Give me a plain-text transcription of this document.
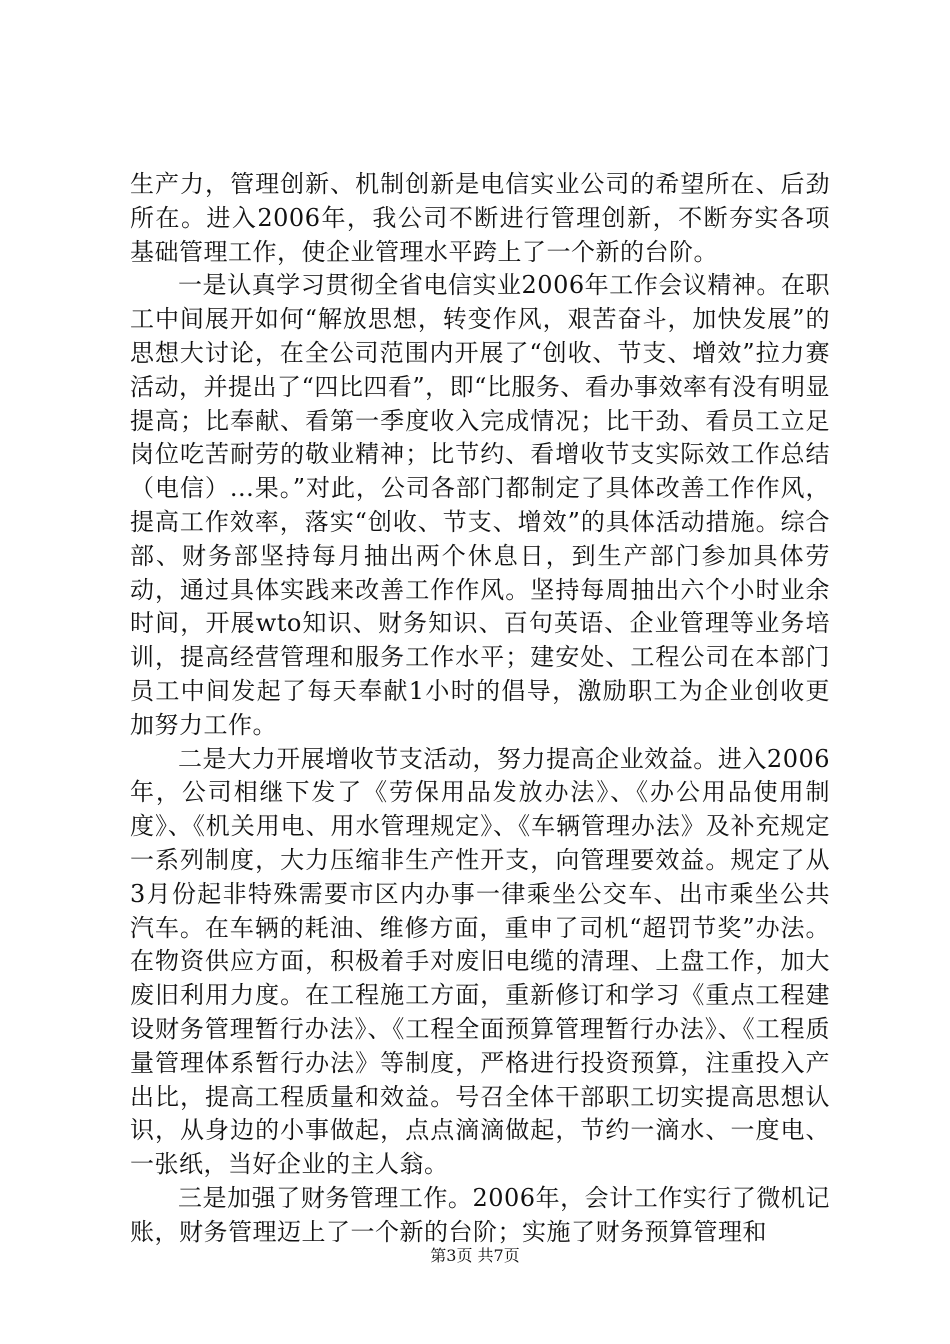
生产力，管理创新、机制创新是电信实业公司的希望所在、后劲所在。进入2006年，我公司不断进行管理创新，不断夯实各项基础管理工作，使企业管理水平跨上了一个新的台阶。

一是认真学习贯彻全省电信实业2006年工作会议精神。在职工中间展开如何“解放思想，转变作风，艰苦奋斗，加快发展”的思想大讨论，在全公司范围内开展了“创收、节支、增效”拉力赛活动，并提出了“四比四看”，即“比服务、看办事效率有没有明显提高；比奉献、看第一季度收入完成情况；比干劲、看员工立足岗位吃苦耐劳的敬业精神；比节约、看增收节支实际效工作总结（电信）...果。”对此，公司各部门都制定了具体改善工作作风，提高工作效率，落实“创收、节支、增效”的具体活动措施。综合部、财务部坚持每月抽出两个休息日，到生产部门参加具体劳动，通过具体实践来改善工作作风。坚持每周抽出六个小时业余时间，开展wto知识、财务知识、百句英语、企业管理等业务培训，提高经营管理和服务工作水平；建安处、工程公司在本部门员工中间发起了每天奉献1小时的倡导，激励职工为企业创收更加努力工作。

二是大力开展增收节支活动，努力提高企业效益。进入2006年，公司相继下发了《劳保用品发放办法》、《办公用品使用制度》、《机关用电、用水管理规定》、《车辆管理办法》及补充规定一系列制度，大力压缩非生产性开支，向管理要效益。规定了从3月份起非特殊需要市区内办事一律乘坐公交车、出市乘坐公共汽车。在车辆的耗油、维修方面，重申了司机“超罚节奖”办法。在物资供应方面，积极着手对废旧电缆的清理、上盘工作，加大废旧利用力度。在工程施工方面，重新修订和学习《重点工程建设财务管理暂行办法》、《工程全面预算管理暂行办法》、《工程质量管理体系暂行办法》等制度，严格进行投资预算，注重投入产出比，提高工程质量和效益。号召全体干部职工切实提高思想认识，从身边的小事做起，点点滴滴做起，节约一滴水、一度电、一张纸，当好企业的主人翁。

三是加强了财务管理工作。2006年，会计工作实行了微机记账，财务管理迈上了一个新的台阶；实施了财务预算管理和

第3页 共7页
